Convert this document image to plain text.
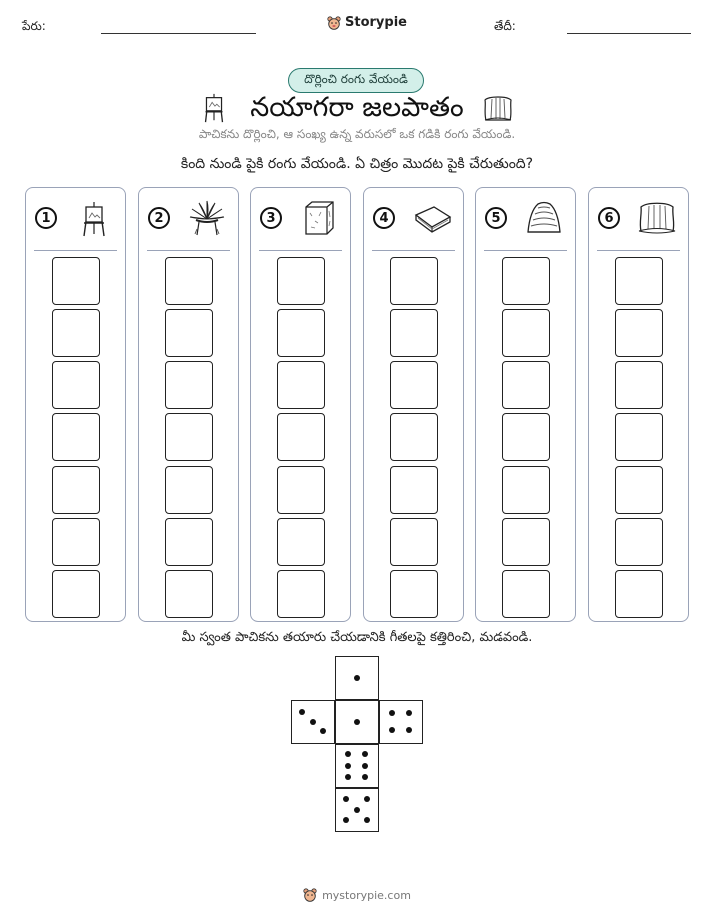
పేరు:	Storypie	తేదీ:
దొర్లించి రంగు వేయండి
నయాగరా జలపాతం
పాచికను దొర్లించి, ఆ సంఖ్య ఉన్న వరుసలో ఒక గడికి రంగు వేయండి.
కింది నుండి పైకి రంగు వేయండి. ఏ చిత్రం మొదట పైకి చేరుతుంది?
1	2	3	4	5	6
మీ స్వంత పాచికను తయారు చేయడానికి గీతలపై కత్తిరించి, మడవండి.
mystorypie.com
